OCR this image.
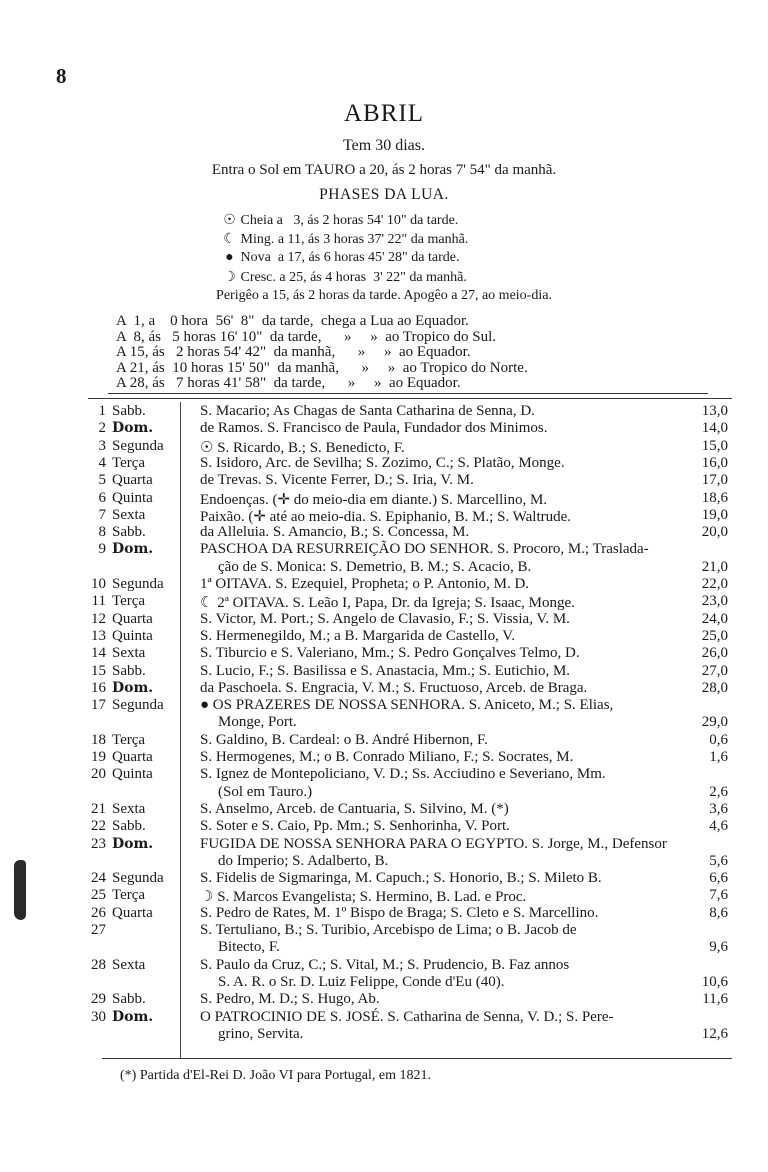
8
ABRIL
Tem 30 dias.
Entra o Sol em TAURO a 20, ás 2 horas 7' 54" da manhã.
PHASES DA LUA.
☉ Cheia a   3, ás 2 horas 54' 10" da tarde.
☾ Ming. a 11, ás 3 horas 37' 22" da manhã.
● Nova  a 17, ás 6 horas 45' 28" da tarde.
☽ Cresc. a 25, ás 4 horas  3' 22" da manhã.
Perigêo a 15, ás 2 horas da tarde. Apogêo a 27, ao meio-dia.
A  1, a    0 hora  56'  8"  da tarde,  chega a Lua ao Equador.
A  8, ás   5 horas 16' 10"  da tarde,      »     »  ao Tropico do Sul.
A 15, ás   2 horas 54' 42"  da manhã,      »     »  ao Equador.
A 21, ás  10 horas 15' 50"  da manhã,      »     »  ao Tropico do Norte.
A 28, ás   7 horas 41' 58"  da tarde,      »     »  ao Equador.
1 Sabb.	S. Macario; As Chagas de Santa Catharina de Senna, D.	13,0
2 Dom.	de Ramos. S. Francisco de Paula, Fundador dos Minimos.	14,0
3 Segunda ☉ S. Ricardo, B.; S. Benedicto, F.	15,0
4 Terça	S. Isidoro, Arc. de Sevilha; S. Zozimo, C.; S. Platão, Monge.	16,0
5 Quarta	de Trevas. S. Vicente Ferrer, D.; S. Iria, V. M.	17,0
6 Quinta	Endoenças. (✛ do meio-dia em diante.) S. Marcellino, M.	18,6
7 Sexta	Paixão. (✛ até ao meio-dia. S. Epiphanio, B. M.; S. Waltrude.	19,0
8 Sabb.	da Alleluia. S. Amancio, B.; S. Concessa, M.	20,0
9 Dom.	PASCHOA DA RESURREIÇÃO DO SENHOR. S. Procoro, M.; Traslada-
ção de S. Monica: S. Demetrio, B. M.; S. Acacio, B.	21,0
10 Segunda 1ª OITAVA. S. Ezequiel, Propheta; o P. Antonio, M. D.	22,0
11 Terça	☾ 2ª OITAVA. S. Leão I, Papa, Dr. da Igreja; S. Isaac, Monge.	23,0
12 Quarta	S. Victor, M. Port.; S. Angelo de Clavasio, F.; S. Vissia, V. M.	24,0
13 Quinta	S. Hermenegildo, M.; a B. Margarida de Castello, V.	25,0
14 Sexta	S. Tiburcio e S. Valeriano, Mm.; S. Pedro Gonçalves Telmo, D.	26,0
15 Sabb.	S. Lucio, F.; S. Basilissa e S. Anastacia, Mm.; S. Eutichio, M.	27,0
16 Dom.	da Paschoela. S. Engracia, V. M.; S. Fructuoso, Arceb. de Braga.	28,0
17 Segunda ● OS PRAZERES DE NOSSA SENHORA. S. Aniceto, M.; S. Elias,
Monge, Port.	29,0
18 Terça	S. Galdino, B. Cardeal: o B. André Hibernon, F.	0,6
19 Quarta	S. Hermogenes, M.; o B. Conrado Miliano, F.; S. Socrates, M.	1,6
20 Quinta	S. Ignez de Montepoliciano, V. D.; Ss. Acciudino e Severiano, Mm.
(Sol em Tauro.)	2,6
21 Sexta	S. Anselmo, Arceb. de Cantuaria, S. Silvino, M. (*)	3,6
22 Sabb.	S. Soter e S. Caio, Pp. Mm.; S. Senhorinha, V. Port.	4,6
23 Dom.	FUGIDA DE NOSSA SENHORA PARA O EGYPTO. S. Jorge, M., Defensor
do Imperio; S. Adalberto, B.	5,6
24 Segunda S. Fidelis de Sigmaringa, M. Capuch.; S. Honorio, B.; S. Mileto B.	6,6
25 Terça	☽ S. Marcos Evangelista; S. Hermino, B. Lad. e Proc.	7,6
26 Quarta	S. Pedro de Rates, M. 1º Bispo de Braga; S. Cleto e S. Marcellino.	8,6
27	S. Tertuliano, B.; S. Turibio, Arcebispo de Lima; o B. Jacob de
Bitecto, F.	9,6
28 Sexta	S. Paulo da Cruz, C.; S. Vital, M.; S. Prudencio, B. Faz annos
S. A. R. o Sr. D. Luiz Felippe, Conde d'Eu (40).	10,6
29 Sabb.	S. Pedro, M. D.; S. Hugo, Ab.	11,6
30 Dom.	O PATROCINIO DE S. JOSÉ. S. Catharina de Senna, V. D.; S. Pere-
grino, Servita.	12,6
(*) Partida d'El-Rei D. João VI para Portugal, em 1821.
